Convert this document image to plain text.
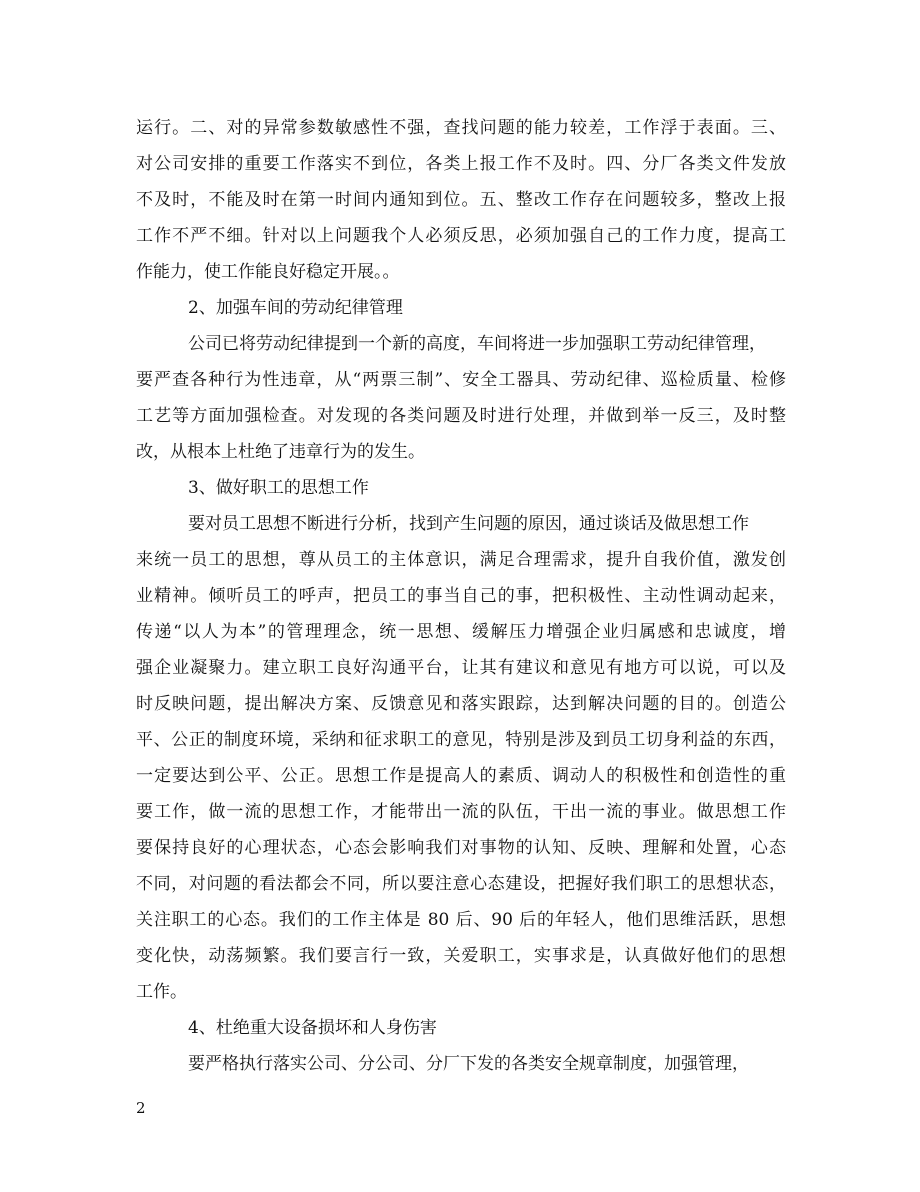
运行。二、对的异常参数敏感性不强，查找问题的能力较差，工作浮于表面。三、
对公司安排的重要工作落实不到位，各类上报工作不及时。四、分厂各类文件发放
不及时，不能及时在第一时间内通知到位。五、整改工作存在问题较多，整改上报
工作不严不细。针对以上问题我个人必须反思，必须加强自己的工作力度，提高工
作能力，使工作能良好稳定开展。。
2、加强车间的劳动纪律管理
公司已将劳动纪律提到一个新的高度，车间将进一步加强职工劳动纪律管理，
要严查各种行为性违章，从“两票三制”、安全工器具、劳动纪律、巡检质量、检修
工艺等方面加强检查。对发现的各类问题及时进行处理，并做到举一反三，及时整
改，从根本上杜绝了违章行为的发生。
3、做好职工的思想工作
要对员工思想不断进行分析，找到产生问题的原因，通过谈话及做思想工作
来统一员工的思想，尊从员工的主体意识，满足合理需求，提升自我价值，激发创
业精神。倾听员工的呼声，把员工的事当自己的事，把积极性、主动性调动起来，
传递“以人为本”的管理理念，统一思想、缓解压力增强企业归属感和忠诚度，增
强企业凝聚力。建立职工良好沟通平台，让其有建议和意见有地方可以说，可以及
时反映问题，提出解决方案、反馈意见和落实跟踪，达到解决问题的目的。创造公
平、公正的制度环境，采纳和征求职工的意见，特别是涉及到员工切身利益的东西，
一定要达到公平、公正。思想工作是提高人的素质、调动人的积极性和创造性的重
要工作，做一流的思想工作，才能带出一流的队伍，干出一流的事业。做思想工作
要保持良好的心理状态，心态会影响我们对事物的认知、反映、理解和处置，心态
不同，对问题的看法都会不同，所以要注意心态建设，把握好我们职工的思想状态，
关注职工的心态。我们的工作主体是 80 后、90 后的年轻人，他们思维活跃，思想
变化快，动荡频繁。我们要言行一致，关爱职工，实事求是，认真做好他们的思想
工作。
4、杜绝重大设备损坏和人身伤害
要严格执行落实公司、分公司、分厂下发的各类安全规章制度，加强管理，
2
